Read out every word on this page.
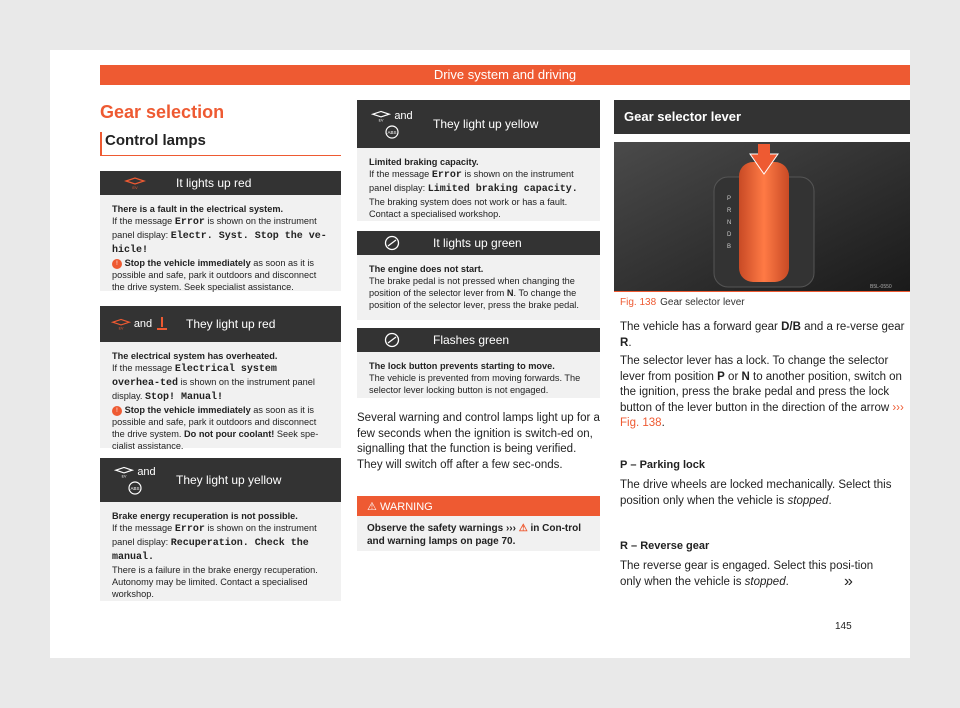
Drive system and driving
Gear selection
Control lamps
EV	It lights up red
There is a fault in the electrical system.
If the message Error is shown on the instrument panel display: Electr. Syst. Stop the ve-hicle!
! Stop the vehicle immediately as soon as it is possible and safe, park it outdoors and disconnect the drive system. Seek specialist assistance.
EV and	They light up red
The electrical system has overheated.
If the message Electrical system overhea-ted is shown on the instrument panel display. Stop! Manual!
! Stop the vehicle immediately as soon as it is possible and safe, park it outdoors and disconnect the drive system. Do not pour coolant! Seek spe-cialist assistance.
EV and
ABS
They light up yellow
Brake energy recuperation is not possible.
If the message Error is shown on the instrument panel display: Recuperation. Check the manual.
There is a failure in the brake energy recuperation. Autonomy may be limited. Contact a specialised workshop.
EV and
ABS
They light up yellow
Limited braking capacity.
If the message Error is shown on the instrument panel display: Limited braking capacity.
The braking system does not work or has a fault. Contact a specialised workshop.
It lights up green
The engine does not start.
The brake pedal is not pressed when changing the position of the selector lever from N. To change the position of the selector lever, press the brake pedal.
Flashes green
The lock button prevents starting to move.
The vehicle is prevented from moving forwards. The selector lever locking button is not engaged.
Several warning and control lamps light up for a few seconds when the ignition is switch-ed on, signalling that the function is being verified. They will switch off after a few sec-onds.
⚠ WARNING
Observe the safety warnings ››› ⚠ in Con-trol and warning lamps on page 70.
Gear selector lever
P
R
N
D
B
B5L-0550
Fig. 138 Gear selector lever
The vehicle has a forward gear D/B and a re-verse gear R.
The selector lever has a lock. To change the selector lever from position P or N to another position, switch on the ignition, press the brake pedal and press the lock button of the lever button in the direction of the arrow ››› Fig. 138.
P – Parking lock
The drive wheels are locked mechanically. Select this position only when the vehicle is stopped.
R – Reverse gear
The reverse gear is engaged. Select this posi-tion only when the vehicle is stopped.	»
145
